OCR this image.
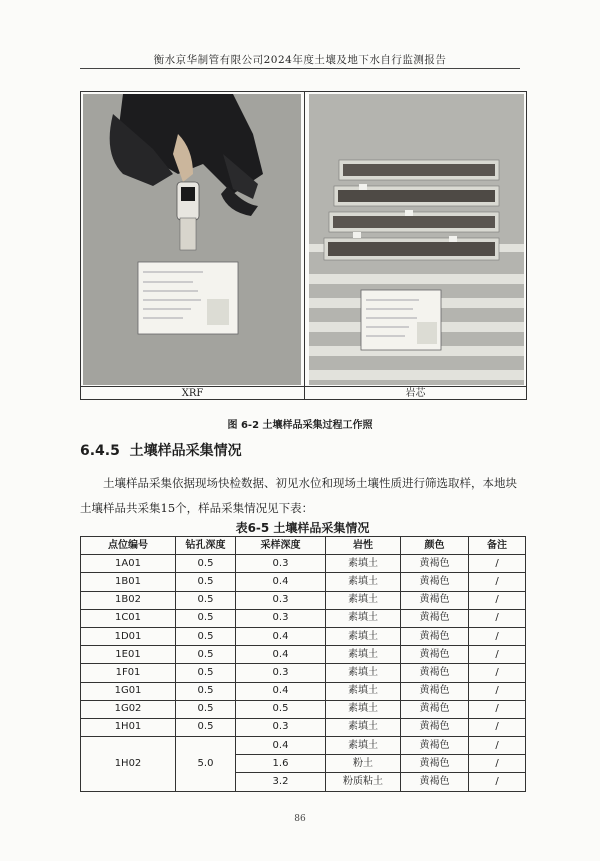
衡水京华制管有限公司2024年度土壤及地下水自行监测报告
XRF	岩芯
图 6-2 土壤样品采集过程工作照
6.4.5 土壤样品采集情况
土壤样品采集依据现场快检数据、初见水位和现场土壤性质进行筛选取样，本地块土壤样品共采集15个，样品采集情况见下表：
表6-5 土壤样品采集情况
点位编号	钻孔深度	采样深度	岩性	颜色	备注
1A01	0.5	0.3	素填土	黄褐色	/
1B01	0.5	0.4	素填土	黄褐色	/
1B02	0.5	0.3	素填土	黄褐色	/
1C01	0.5	0.3	素填土	黄褐色	/
1D01	0.5	0.4	素填土	黄褐色	/
1E01	0.5	0.4	素填土	黄褐色	/
1F01	0.5	0.3	素填土	黄褐色	/
1G01	0.5	0.4	素填土	黄褐色	/
1G02	0.5	0.5	素填土	黄褐色	/
1H01	0.5	0.3	素填土	黄褐色	/
1H02	5.0	0.4	素填土	黄褐色	/
		1.6	粉土	黄褐色	/
		3.2	粉质粘土	黄褐色	/
86
